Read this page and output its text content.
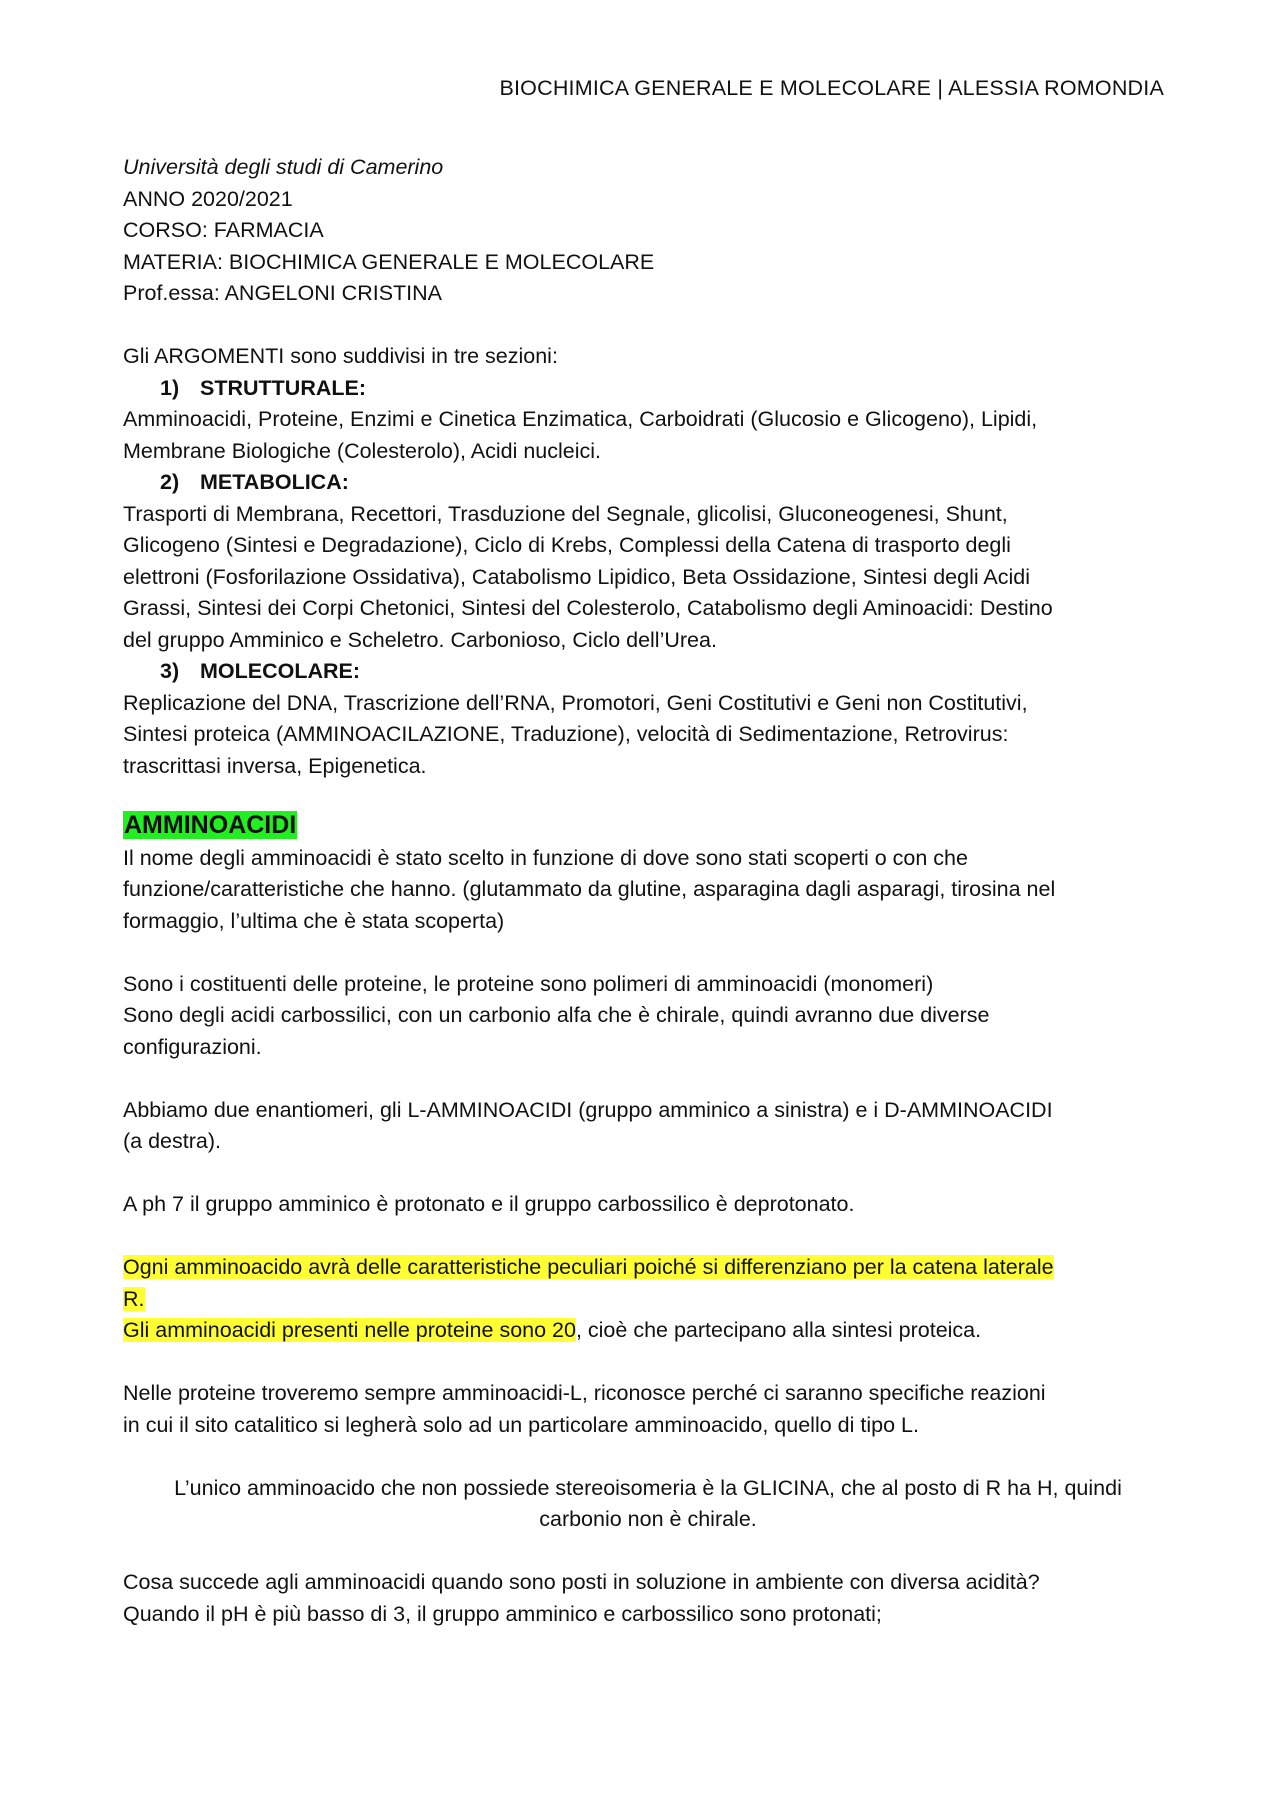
BIOCHIMICA GENERALE E MOLECOLARE | ALESSIA ROMONDIA

Università degli studi di Camerino

ANNO 2020/2021

CORSO: FARMACIA

MATERIA: BIOCHIMICA GENERALE E MOLECOLARE

Prof.essa: ANGELONI CRISTINA

Gli ARGOMENTI sono suddivisi in tre sezioni:

1) STRUTTURALE:

Amminoacidi, Proteine, Enzimi e Cinetica Enzimatica, Carboidrati (Glucosio e Glicogeno), Lipidi,

Membrane Biologiche (Colesterolo), Acidi nucleici.

2) METABOLICA:

Trasporti di Membrana, Recettori, Trasduzione del Segnale, glicolisi, Gluconeogenesi, Shunt,

Glicogeno (Sintesi e Degradazione), Ciclo di Krebs, Complessi della Catena di trasporto degli

elettroni (Fosforilazione Ossidativa), Catabolismo Lipidico, Beta Ossidazione, Sintesi degli Acidi

Grassi, Sintesi dei Corpi Chetonici, Sintesi del Colesterolo, Catabolismo degli Aminoacidi: Destino

del gruppo Amminico e Scheletro. Carbonioso, Ciclo dell’Urea.

3) MOLECOLARE:

Replicazione del DNA, Trascrizione dell’RNA, Promotori, Geni Costitutivi e Geni non Costitutivi,

Sintesi proteica (AMMINOACILAZIONE, Traduzione), velocità di Sedimentazione, Retrovirus:

trascrittasi inversa, Epigenetica.

AMMINOACIDI

Il nome degli amminoacidi è stato scelto in funzione di dove sono stati scoperti o con che

funzione/caratteristiche che hanno. (glutammato da glutine, asparagina dagli asparagi, tirosina nel

formaggio, l’ultima che è stata scoperta)

Sono i costituenti delle proteine, le proteine sono polimeri di amminoacidi (monomeri)

Sono degli acidi carbossilici, con un carbonio alfa che è chirale, quindi avranno due diverse

configurazioni.

Abbiamo due enantiomeri, gli L-AMMINOACIDI (gruppo amminico a sinistra) e i D-AMMINOACIDI

(a destra).

A ph 7 il gruppo amminico è protonato e il gruppo carbossilico è deprotonato.

Ogni amminoacido avrà delle caratteristiche peculiari poiché si differenziano per la catena laterale

R.

Gli amminoacidi presenti nelle proteine sono 20, cioè che partecipano alla sintesi proteica.

Nelle proteine troveremo sempre amminoacidi-L, riconosce perché ci saranno specifiche reazioni

in cui il sito catalitico si legherà solo ad un particolare amminoacido, quello di tipo L.

L’unico amminoacido che non possiede stereoisomeria è la GLICINA, che al posto di R ha H, quindi

carbonio non è chirale.

Cosa succede agli amminoacidi quando sono posti in soluzione in ambiente con diversa acidità?

Quando il pH è più basso di 3, il gruppo amminico e carbossilico sono protonati;
